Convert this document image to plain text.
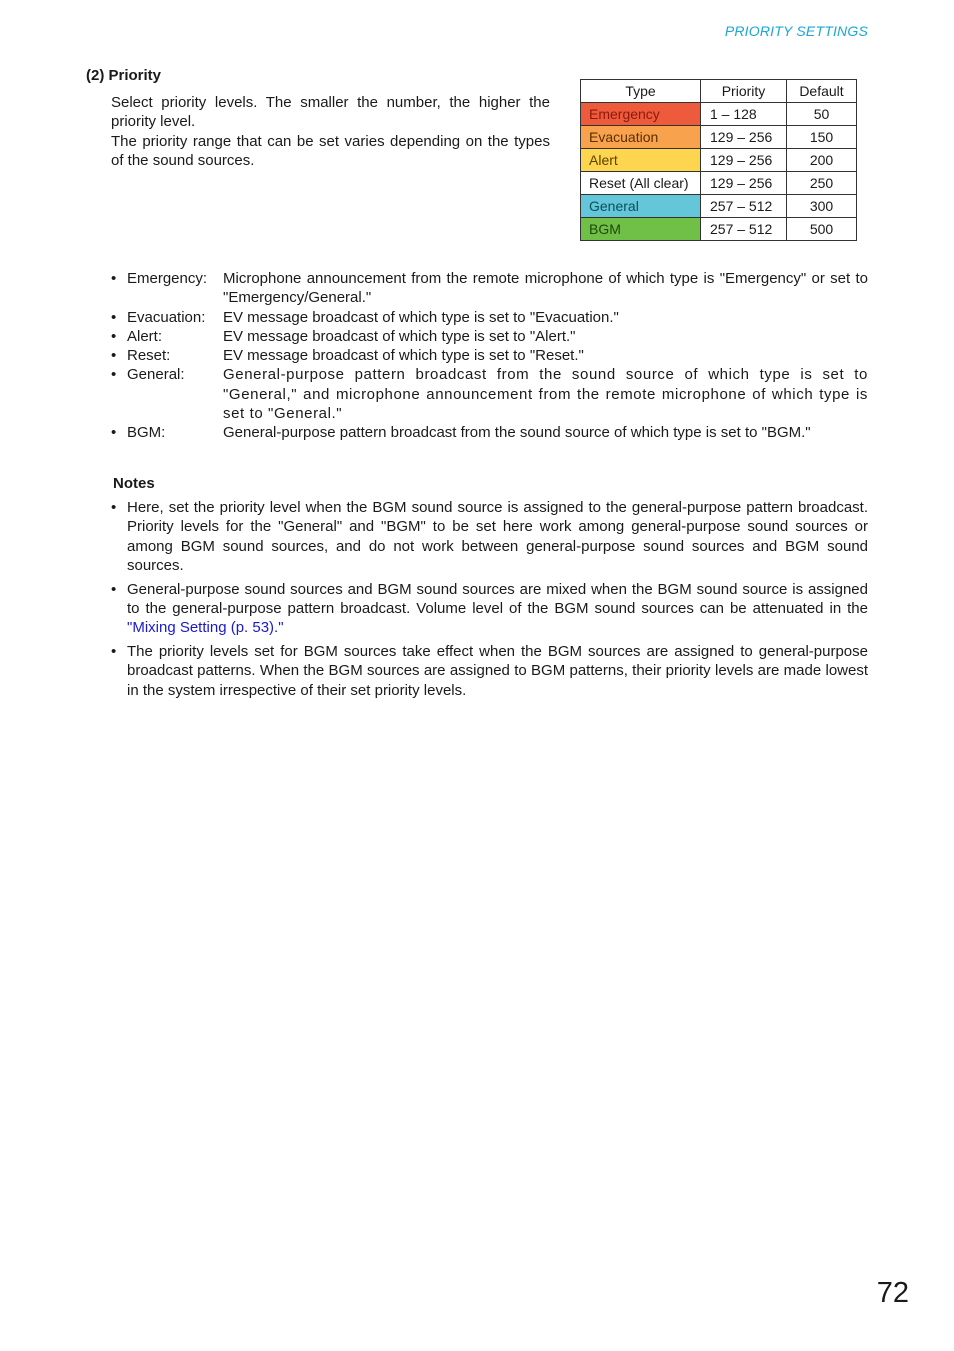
PRIORITY SETTINGS
(2) Priority

Select priority levels. The smaller the number, the higher the priority level.

The priority range that can be set varies depending on the types of the sound sources.

Type	Priority	Default
Emergency	1 – 128	50
Evacuation	129 – 256	150
Alert	129 – 256	200
Reset (All clear)	129 – 256	250
General	257 – 512	300
BGM	257 – 512	500
• Emergency: Microphone announcement from the remote microphone of which type is "Emergency" or set to "Emergency/General."
• Evacuation: EV message broadcast of which type is set to "Evacuation."
• Alert:	EV message broadcast of which type is set to "Alert."
• Reset:	EV message broadcast of which type is set to "Reset."
• General:	General-purpose pattern broadcast from the sound source of which type is set to "General," and microphone announcement from the remote microphone of which type is set to "General."
• BGM:	General-purpose pattern broadcast from the sound source of which type is set to "BGM."
Notes
• Here, set the priority level when the BGM sound source is assigned to the general-purpose pattern broadcast. Priority levels for the "General" and "BGM" to be set here work among general-purpose sound sources or among BGM sound sources, and do not work between general-purpose sound sources and BGM sound sources.
• General-purpose sound sources and BGM sound sources are mixed when the BGM sound source is assigned to the general-purpose pattern broadcast. Volume level of the BGM sound sources can be attenuated in the "Mixing Setting (p. 53)."
• The priority levels set for BGM sources take effect when the BGM sources are assigned to general-purpose broadcast patterns. When the BGM sources are assigned to BGM patterns, their priority levels are made lowest in the system irrespective of their set priority levels.
72
